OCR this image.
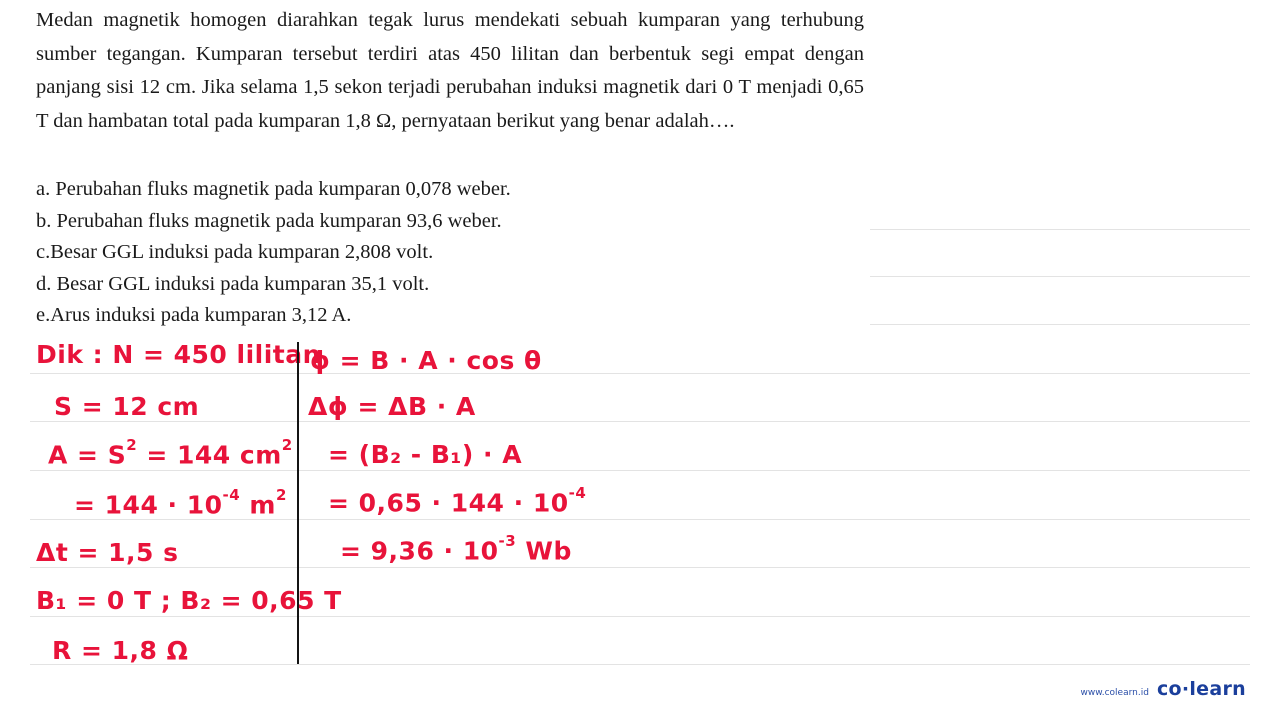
Medan magnetik homogen diarahkan tegak lurus mendekati sebuah kumparan yang terhubung sumber tegangan. Kumparan tersebut terdiri atas 450 lilitan dan berbentuk segi empat dengan panjang sisi 12 cm. Jika selama 1,5 sekon terjadi perubahan induksi magnetik dari 0 T menjadi 0,65 T dan hambatan total pada kumparan 1,8 Ω, pernyataan berikut yang benar adalah….

a. Perubahan fluks magnetik pada kumparan 0,078 weber.
b. Perubahan fluks magnetik pada kumparan 93,6 weber.
c.Besar GGL induksi pada kumparan 2,808 volt.
d. Besar GGL induksi pada kumparan 35,1 volt.
e.Arus induksi pada kumparan 3,12 A.
Dik : N = 450 lilitan
S = 12 cm
$A = S^2 = 144$ $cm^2$
= $144 \cdot 10^{-4}$ $m^2$
Δt = 1,5 s
B₁ = 0 T ; B₂ = 0,65 T
R = 1,8 Ω
ϕ = B · A · cos θ
Δϕ = ΔB · A
= (B₂ - B₁) · A
= $0,65 \cdot 144 \cdot 10^{-4}$
= $9,36 \cdot 10^{-3}$ Wb
www.colearn.id co·learn
